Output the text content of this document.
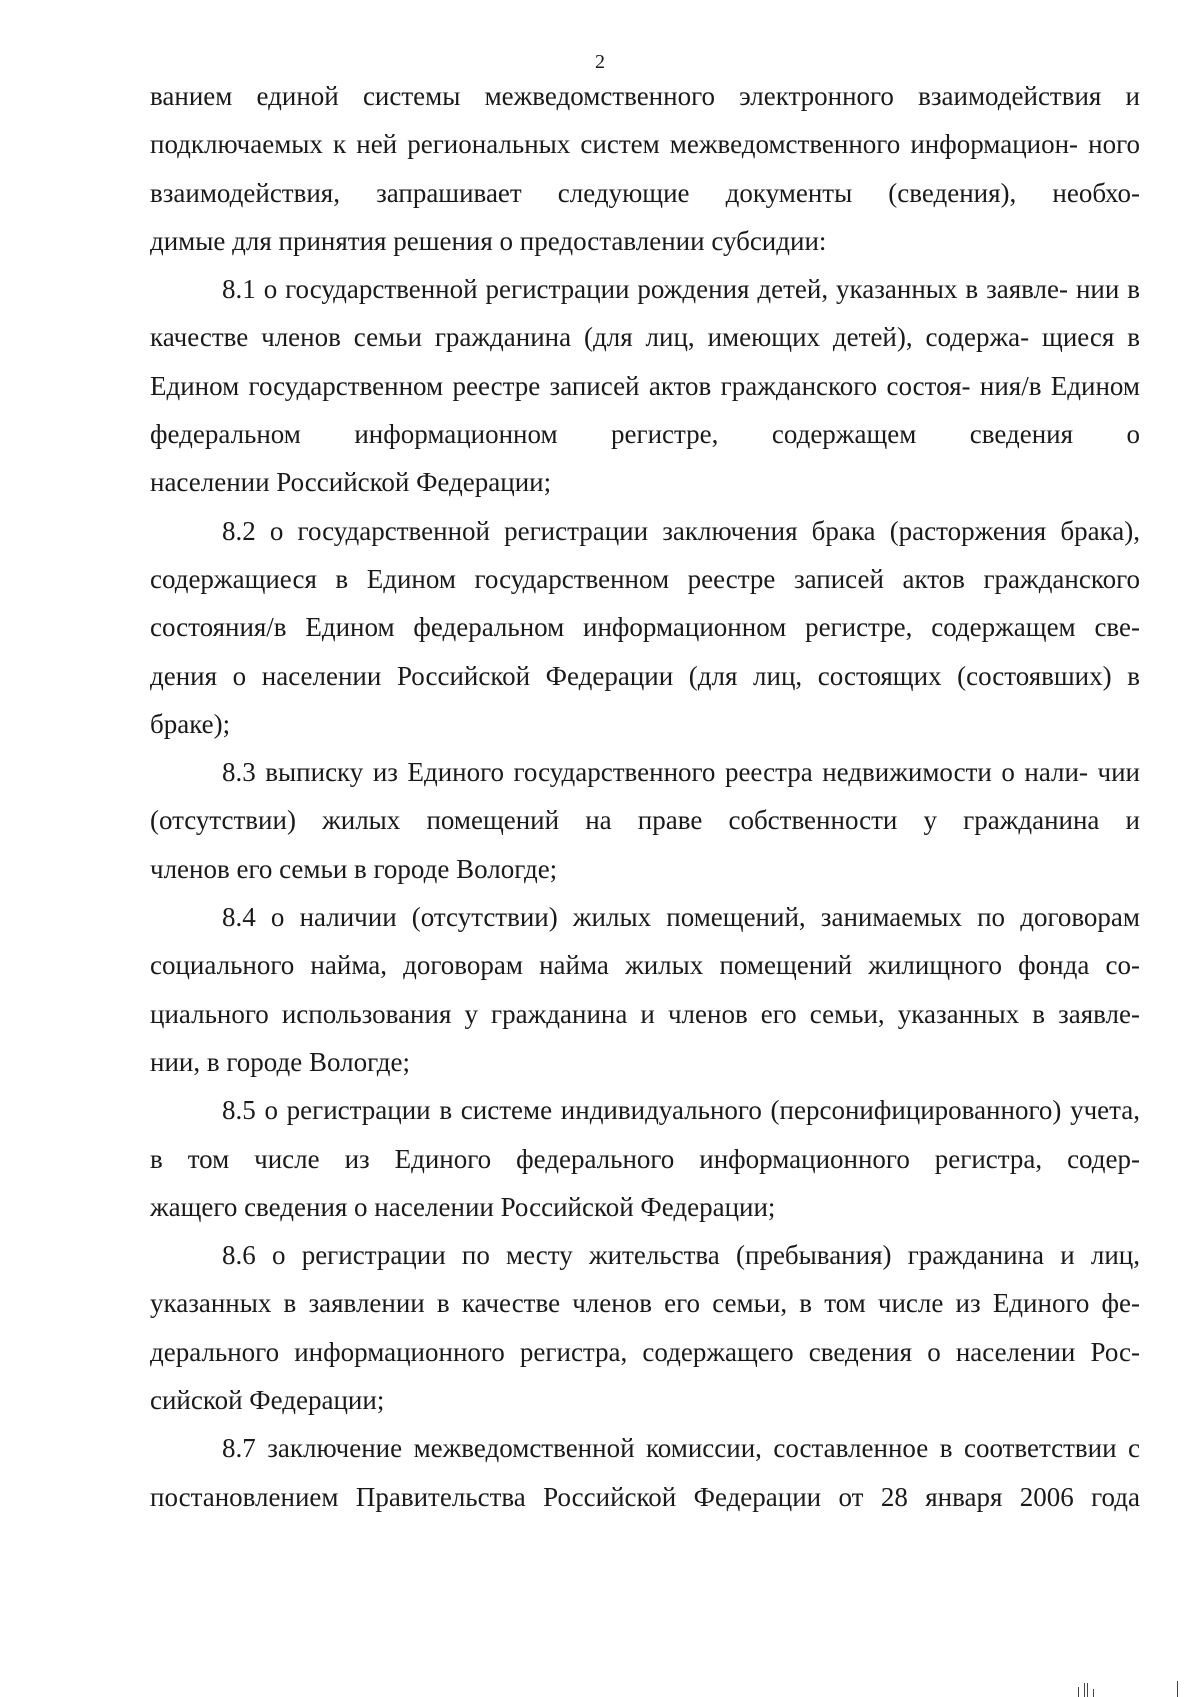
2

ванием единой системы межведомственного электронного взаимодействия и подключаемых к ней региональных систем межведомственного информацион- ного взаимодействия, запрашивает следующие документы (сведения), необхо-

димые для принятия решения о предоставлении субсидии:

8.1 о государственной регистрации рождения детей, указанных в заявле- нии в качестве членов семьи гражданина (для лиц, имеющих детей), содержа- щиеся в Едином государственном реестре записей актов гражданского состоя- ния/в Едином федеральном информационном регистре, содержащем сведения о

населении Российской Федерации;

8.2 о государственной регистрации заключения брака (расторжения брака), содержащиеся в Едином государственном реестре записей актов гражданского состояния/в Едином федеральном информационном регистре, содержащем све- дения о населении Российской Федерации (для лиц, состоящих (состоявших) в

браке);

8.3 выписку из Единого государственного реестра недвижимости о нали- чии (отсутствии) жилых помещений на праве собственности у гражданина и

членов его семьи в городе Вологде;

8.4 о наличии (отсутствии) жилых помещений, занимаемых по договорам социального найма, договорам найма жилых помещений жилищного фонда со- циального использования у гражданина и членов его семьи, указанных в заявле-

нии, в городе Вологде;

8.5 о регистрации в системе индивидуального (персонифицированного) учета, в том числе из Единого федерального информационного регистра, содер-

жащего сведения о населении Российской Федерации;

8.6 о регистрации по месту жительства (пребывания) гражданина и лиц, указанных в заявлении в качестве членов его семьи, в том числе из Единого фе- дерального информационного регистра, содержащего сведения о населении Рос-

сийской Федерации;

8.7 заключение межведомственной комиссии, составленное в соответствии с постановлением Правительства Российской Федерации от 28 января 2006 года
